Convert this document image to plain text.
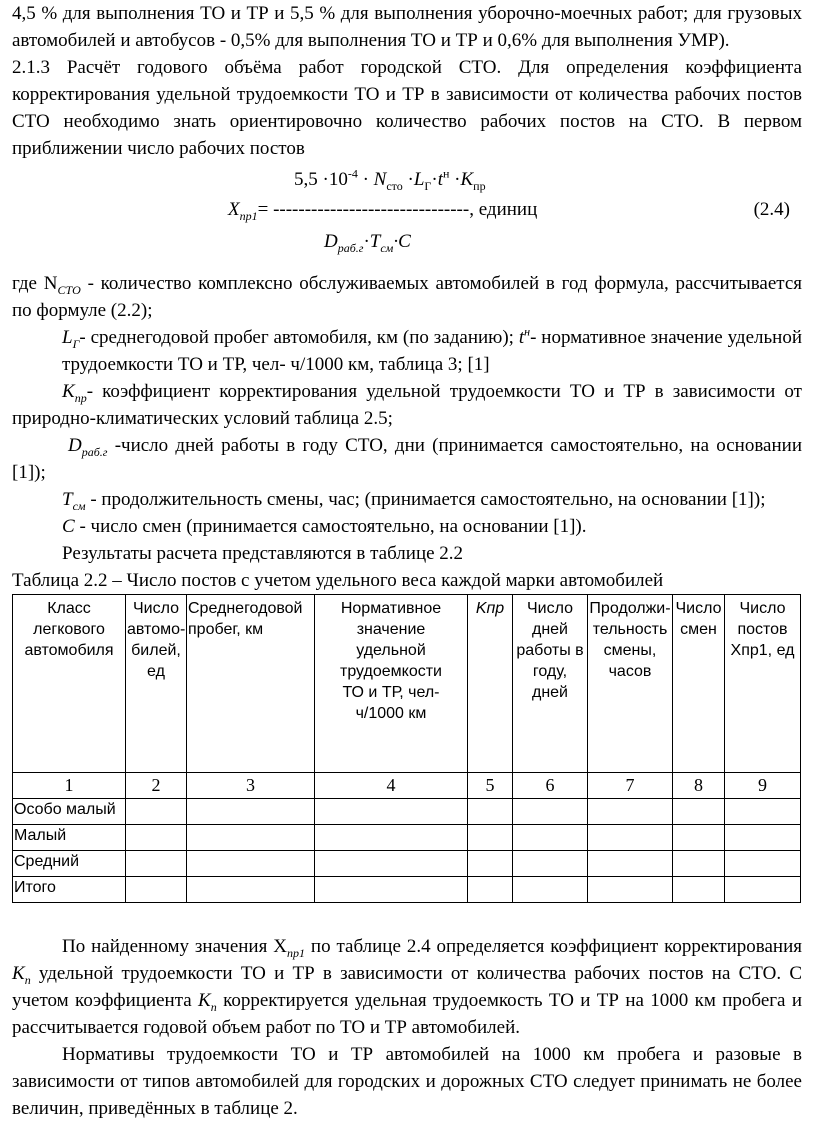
4,5 % для выполнения ТО и ТР и 5,5 % для выполнения уборочно-моечных работ; для грузовых автомобилей и автобусов - 0,5% для выполнения ТО и ТР и 0,6% для выполнения УМР).

2.1.3 Расчёт годового объёма работ городской СТО. Для определения коэффициента корректирования удельной трудоемкости ТО и ТР в зависимости от количества рабочих постов СТО необходимо знать ориентировочно количество рабочих постов на СТО. В первом приближении число рабочих постов

$5,5 \cdot 10^{-4} \cdot N_{сто} \cdot L_Г\cdot t^н \cdot K_{пр}$
$X_{пр1}=$ -------------------------------, единиц	(2.4)
$D_{раб.г}\cdot T_{см}\cdot C$

где $N_{СТО}$ - количество комплексно обслуживаемых автомобилей в год формула, рассчитывается по формуле (2.2);

$L_Г-$ среднегодовой пробег автомобиля, км (по заданию); $t^н-$ нормативное значение удельной трудоемкости ТО и ТР, чел- ч/1000 км, таблица 3; [1]

$K_{пр}-$ коэффициент корректирования удельной трудоемкости ТО и ТР в зависимости от природно-климатических условий таблица 2.5;

$D_{раб.г}$ -число дней работы в году СТО, дни (принимается самостоятельно, на основании [1]);

$T_{см}$ - продолжительность смены, час; (принимается самостоятельно, на основании [1]);

C - число смен (принимается самостоятельно, на основании [1]).

Результаты расчета представляются в таблице 2.2

Таблица 2.2 – Число постов с учетом удельного веса каждой марки автомобилей

Класс легкового автомобиля	Число автомо-билей, ед	Среднегодовой пробег, км	Нормативное значение удельной трудоемкости ТО и ТР, чел-ч/1000 км	Kпр	Число дней работы в году, дней	Продолжи-тельность смены, часов	Число смен	Число постов Xпр1, ед
1	2	3	4	5	6	7	8	9
Особо малый								
Малый								
Средний								
Итого								

По найденному значения $X_{пр1}$ по таблице 2.4 определяется коэффициент корректирования $K_п$ удельной трудоемкости ТО и ТР в зависимости от количества рабочих постов на СТО. С учетом коэффициента $K_п$ корректируется удельная трудоемкость ТО и ТР на 1000 км пробега и рассчитывается годовой объем работ по ТО и ТР автомобилей.

Нормативы трудоемкости ТО и ТР автомобилей на 1000 км пробега и разовые в зависимости от типов автомобилей для городских и дорожных СТО следует принимать не более величин, приведённых в таблице 2.
